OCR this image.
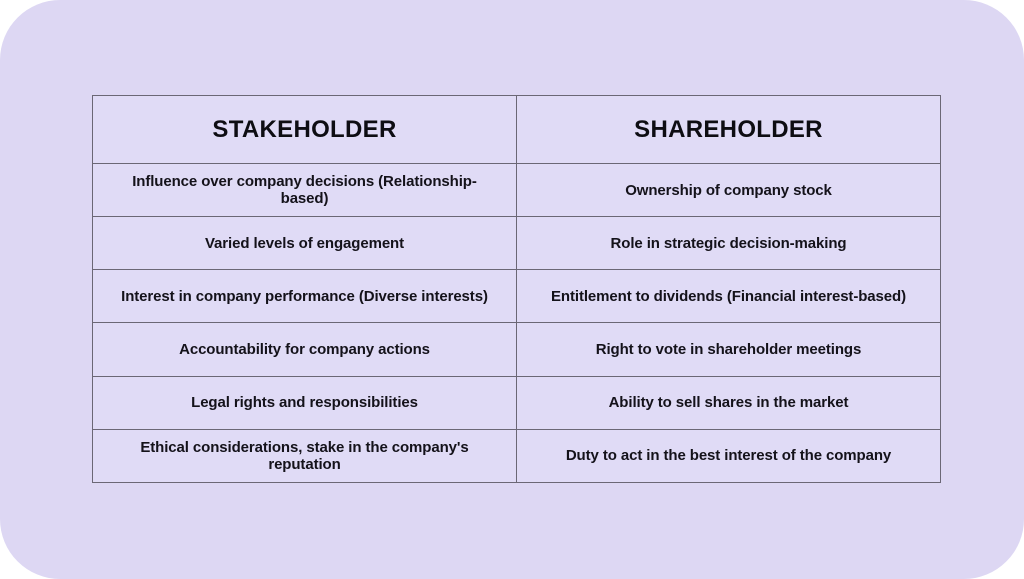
STAKEHOLDER	SHAREHOLDER
Influence over company decisions (Relationship-based)	Ownership of company stock
Varied levels of engagement	Role in strategic decision-making
Interest in company performance (Diverse interests)	Entitlement to dividends (Financial interest-based)
Accountability for company actions	Right to vote in shareholder meetings
Legal rights and responsibilities	Ability to sell shares in the market
Ethical considerations, stake in the company's reputation	Duty to act in the best interest of the company
